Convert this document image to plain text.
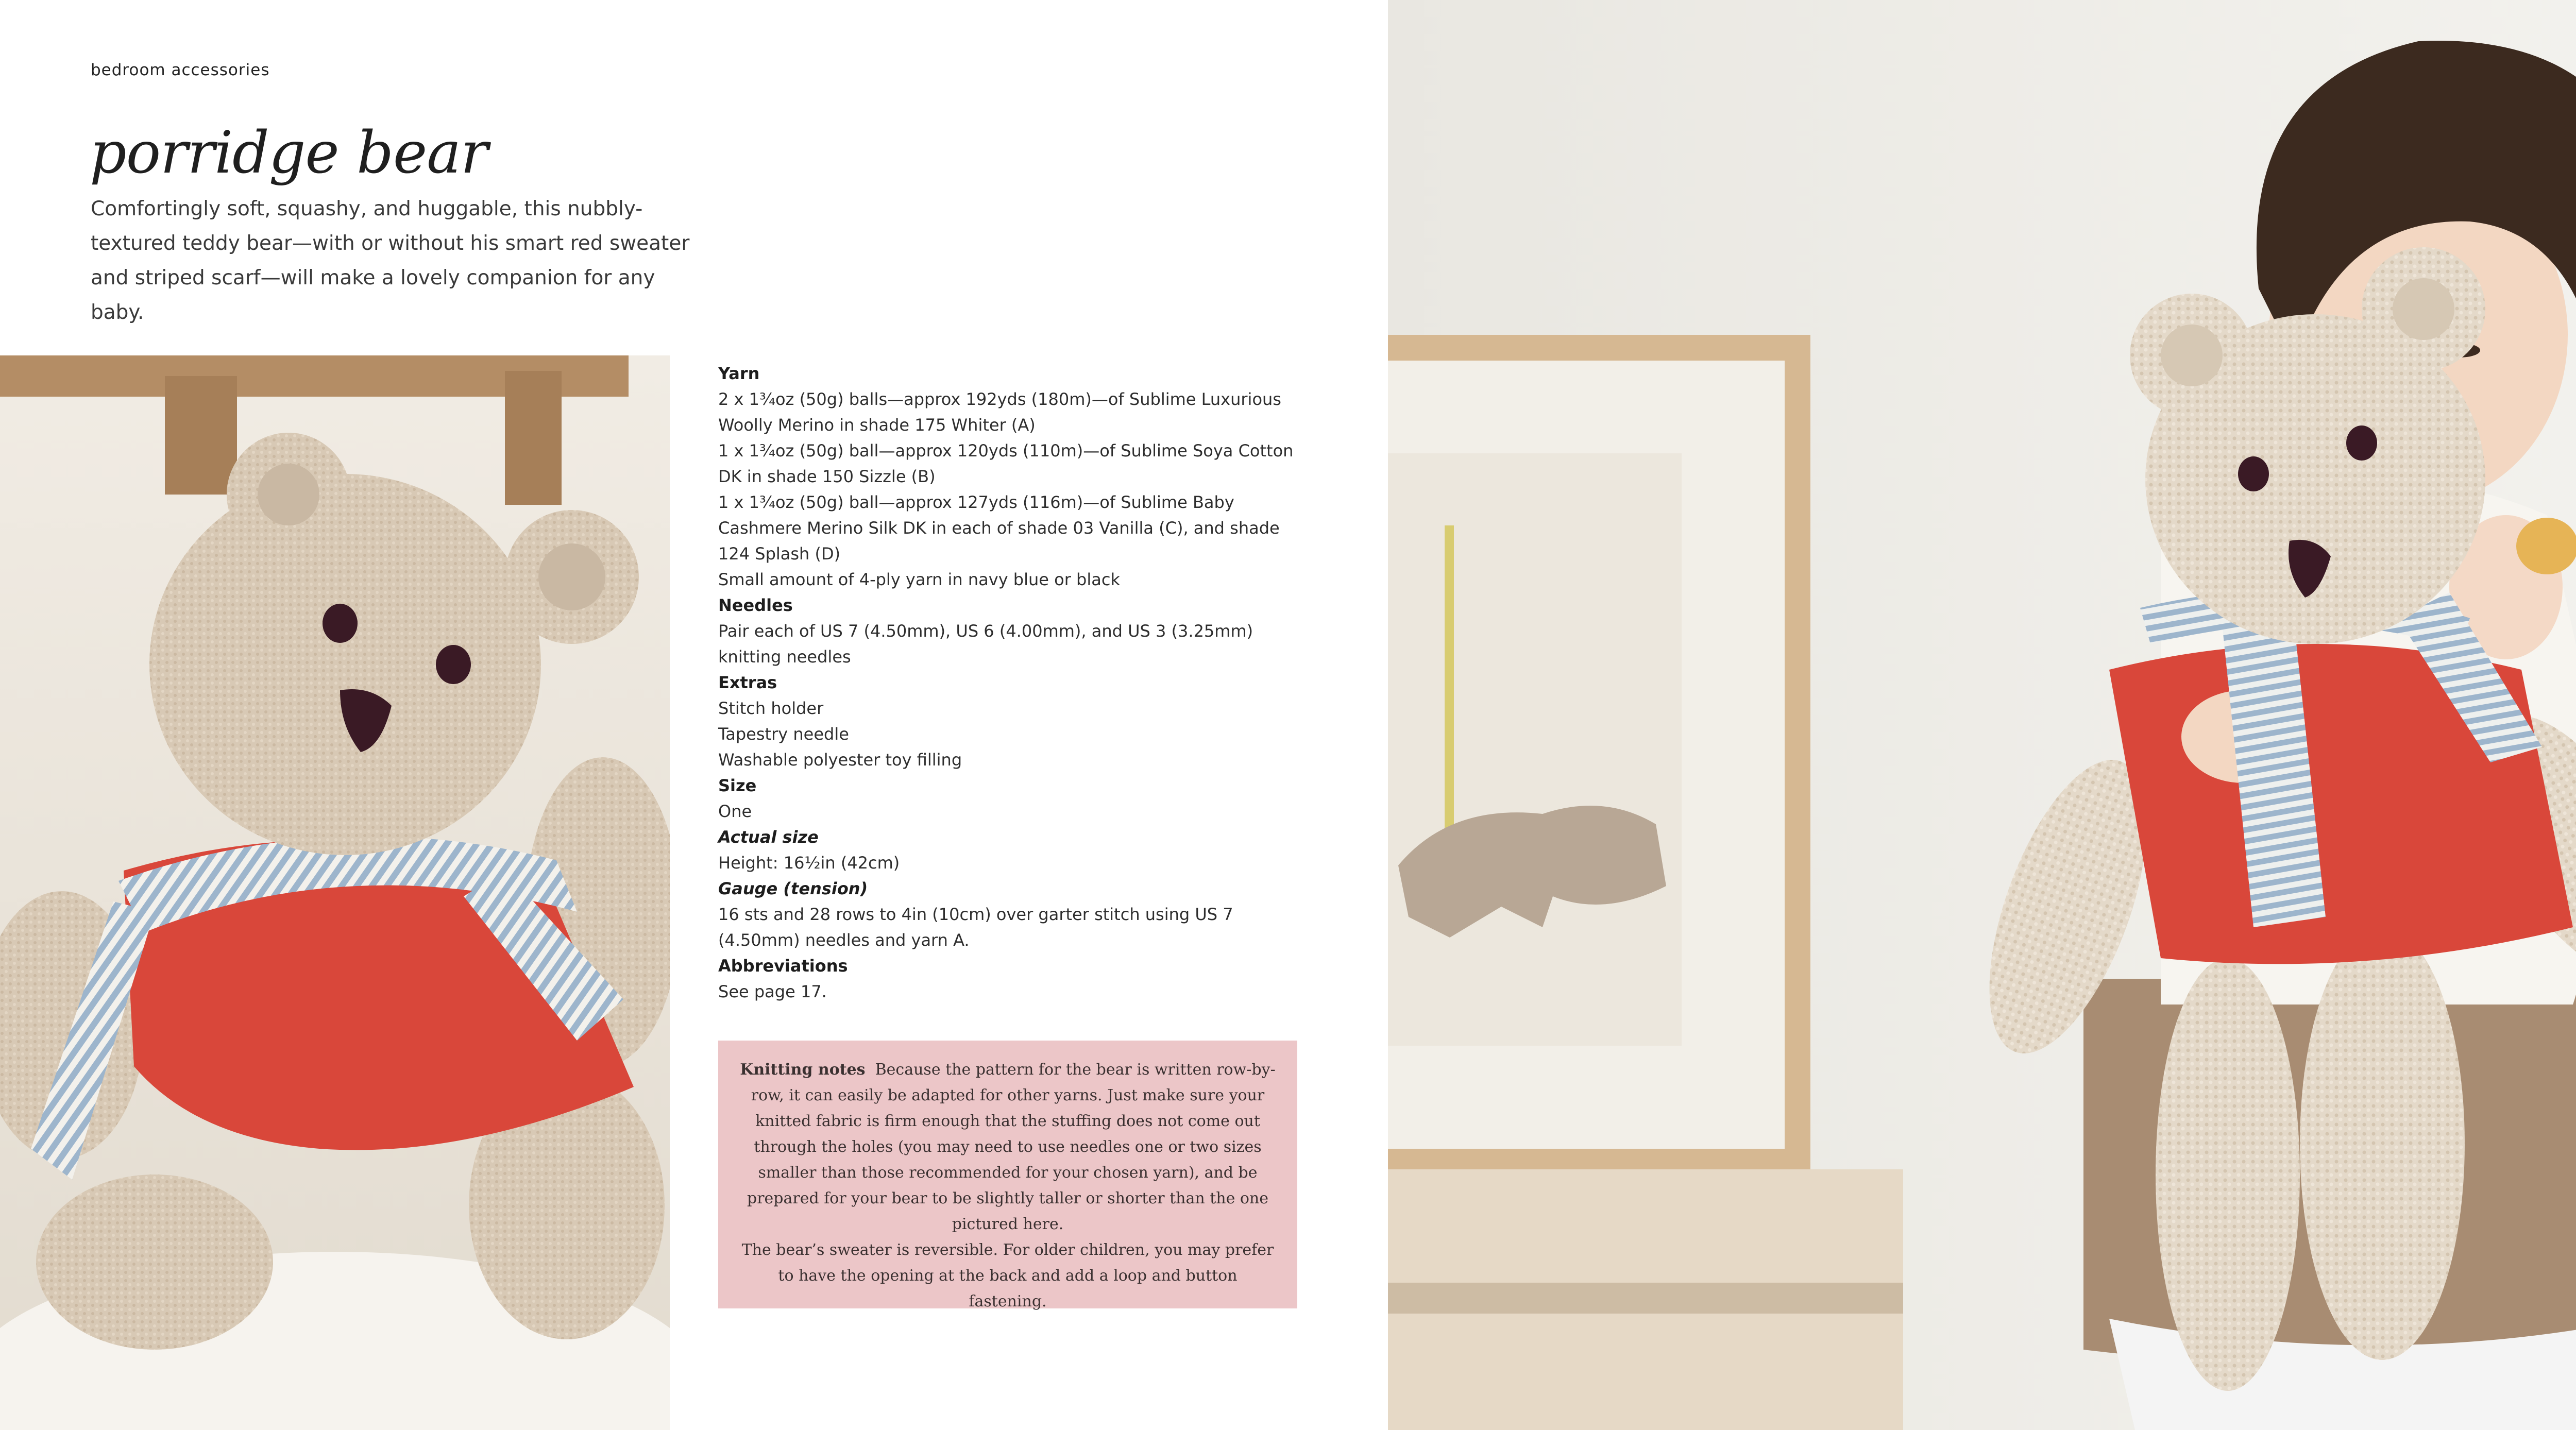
bedroom accessories
porridge bear
Comfortingly soft, squashy, and huggable, this nubbly-textured teddy bear—with or without his smart red sweater and striped scarf—will make a lovely companion for any baby.
Yarn
2 x 1¾oz (50g) balls—approx 192yds (180m)—of Sublime Luxurious Woolly Merino in shade 175 Whiter (A)
1 x 1¾oz (50g) ball—approx 120yds (110m)—of Sublime Soya Cotton DK in shade 150 Sizzle (B)
1 x 1¾oz (50g) ball—approx 127yds (116m)—of Sublime Baby Cashmere Merino Silk DK in each of shade 03 Vanilla (C), and shade 124 Splash (D)
Small amount of 4-ply yarn in navy blue or black
Needles
Pair each of US 7 (4.50mm), US 6 (4.00mm), and US 3 (3.25mm) knitting needles
Extras
Stitch holder
Tapestry needle
Washable polyester toy filling
Size
One
Actual size
Height: 16½in (42cm)
Gauge (tension)
16 sts and 28 rows to 4in (10cm) over garter stitch using US 7 (4.50mm) needles and yarn A.
Abbreviations
See page 17.
Knitting notes Because the pattern for the bear is written row-by-row, it can easily be adapted for other yarns. Just make sure your knitted fabric is firm enough that the stuffing does not come out through the holes (you may need to use needles one or two sizes smaller than those recommended for your chosen yarn), and be prepared for your bear to be slightly taller or shorter than the one pictured here.
The bear’s sweater is reversible. For older children, you may prefer to have the opening at the back and add a loop and button fastening.
